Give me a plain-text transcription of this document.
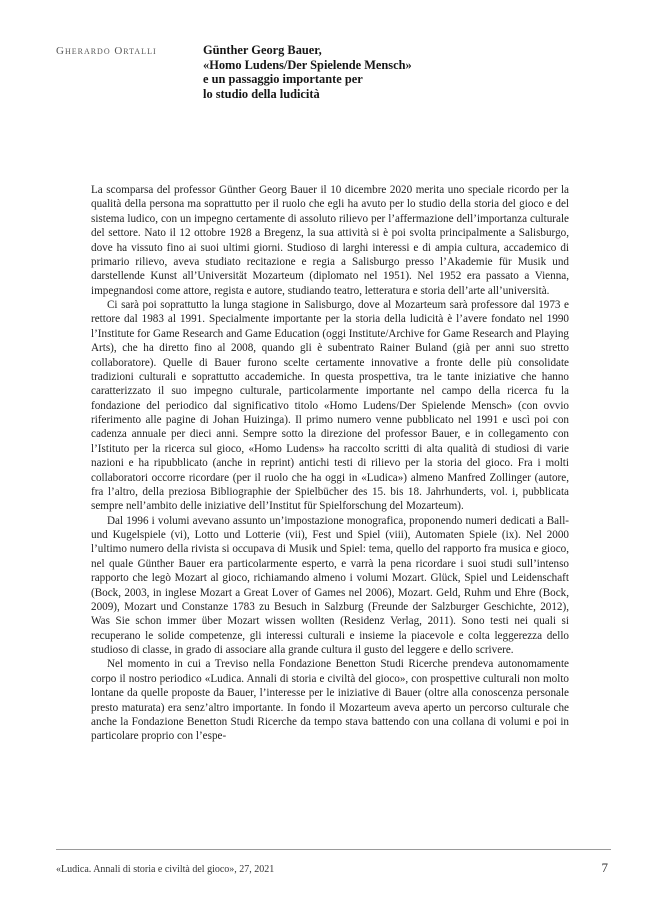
Gherardo Ortalli	Günther Georg Bauer,
«Homo Ludens/Der Spielende Mensch»
e un passaggio importante per
lo studio della ludicità

La scomparsa del professor Günther Georg Bauer il 10 dicembre 2020 merita uno speciale ricordo per la qualità della persona ma soprattutto per il ruolo che egli ha avuto per lo studio della storia del gioco e del sistema ludico, con un impegno certamente di assoluto rilievo per l’affermazione dell’importanza culturale del settore. Nato il 12 ottobre 1928 a Bregenz, la sua attività si è poi svolta principalmente a Salisburgo, dove ha vissuto fino ai suoi ultimi giorni. Studioso di larghi interessi e di ampia cultura, accademico di primario rilievo, aveva studiato recitazione e regia a Salisburgo presso l’Akademie für Musik und darstellende Kunst all’Universität Mozarteum (diplomato nel 1951). Nel 1952 era passato a Vienna, impegnandosi come attore, regista e autore, studiando teatro, letteratura e storia dell’arte all’università.

Ci sarà poi soprattutto la lunga stagione in Salisburgo, dove al Mozarteum sarà professore dal 1973 e rettore dal 1983 al 1991. Specialmente importante per la storia della ludicità è l’avere fondato nel 1990 l’Institute for Game Research and Game Education (oggi Institute/Archive for Game Research and Playing Arts), che ha diretto fino al 2008, quando gli è subentrato Rainer Buland (già per anni suo stretto collaboratore). Quelle di Bauer furono scelte certamente innovative a fronte delle più consolidate tradizioni culturali e soprattutto accademiche. In questa prospettiva, tra le tante iniziative che hanno caratterizzato il suo impegno culturale, particolarmente importante nel campo della ricerca fu la fondazione del periodico dal significativo titolo «Homo Ludens/Der Spielende Mensch» (con ovvio riferimento alle pagine di Johan Huizinga). Il primo numero venne pubblicato nel 1991 e uscì poi con cadenza annuale per dieci anni. Sempre sotto la direzione del professor Bauer, e in collegamento con l’Istituto per la ricerca sul gioco, «Homo Ludens» ha raccolto scritti di alta qualità di studiosi di varie nazioni e ha ripubblicato (anche in reprint) antichi testi di rilievo per la storia del gioco. Fra i molti collaboratori occorre ricordare (per il ruolo che ha oggi in «Ludica») almeno Manfred Zollinger (autore, fra l’altro, della preziosa Bibliographie der Spielbücher des 15. bis 18. Jahrhunderts, vol. i, pubblicata sempre nell’ambito delle iniziative dell’Institut für Spielforschung del Mozarteum).

Dal 1996 i volumi avevano assunto un’impostazione monografica, proponendo numeri dedicati a Ball- und Kugelspiele (vi), Lotto und Lotterie (vii), Fest und Spiel (viii), Automaten Spiele (ix). Nel 2000 l’ultimo numero della rivista si occupava di Musik und Spiel: tema, quello del rapporto fra musica e gioco, nel quale Günther Bauer era particolarmente esperto, e varrà la pena ricordare i suoi studi sull’intenso rapporto che legò Mozart al gioco, richiamando almeno i volumi Mozart. Glück, Spiel und Leidenschaft (Bock, 2003, in inglese Mozart a Great Lover of Games nel 2006), Mozart. Geld, Ruhm und Ehre (Bock, 2009), Mozart und Constanze 1783 zu Besuch in Salzburg (Freunde der Salzburger Geschichte, 2012), Was Sie schon immer über Mozart wissen wollten (Residenz Verlag, 2011). Sono testi nei quali si recuperano le solide competenze, gli interessi culturali e insieme la piacevole e colta leggerezza dello studioso di classe, in grado di associare alla grande cultura il gusto del leggere e dello scrivere.

Nel momento in cui a Treviso nella Fondazione Benetton Studi Ricerche prendeva autonomamente corpo il nostro periodico «Ludica. Annali di storia e civiltà del gioco», con prospettive culturali non molto lontane da quelle proposte da Bauer, l’interesse per le iniziative di Bauer (oltre alla conoscenza personale presto maturata) era senz’altro importante. In fondo il Mozarteum aveva aperto un percorso culturale che anche la Fondazione Benetton Studi Ricerche da tempo stava battendo con una collana di volumi e poi in particolare proprio con l’espe-

«Ludica. Annali di storia e civiltà del gioco», 27, 2021	7
